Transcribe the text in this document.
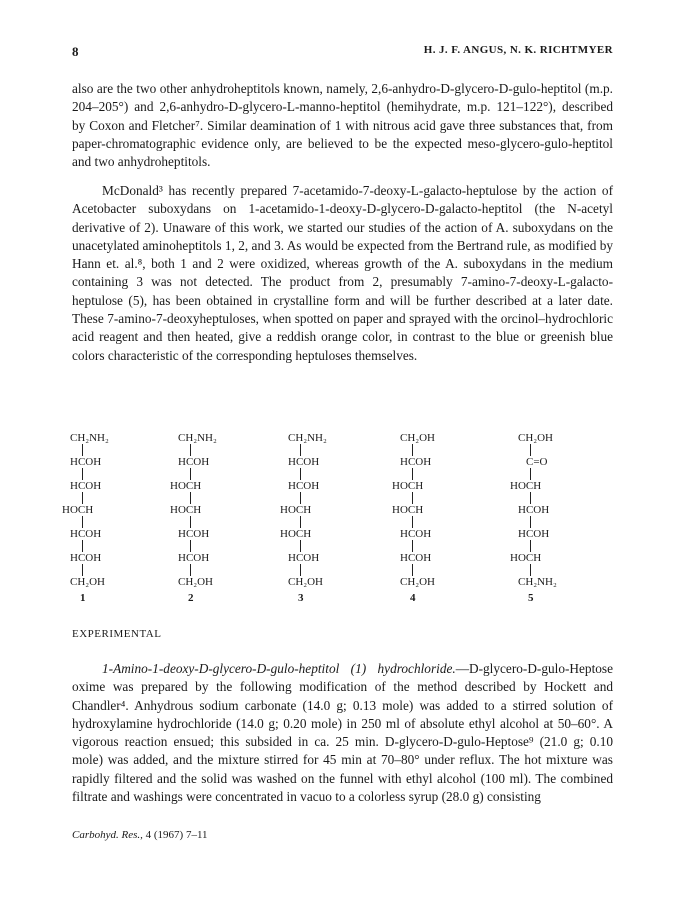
8	H. J. F. ANGUS, N. K. RICHTMYER

also are the two other anhydroheptitols known, namely, 2,6-anhydro-D-glycero-D-gulo-heptitol (m.p. 204–205°) and 2,6-anhydro-D-glycero-L-manno-heptitol (hemihydrate, m.p. 121–122°), described by Coxon and Fletcher⁷. Similar deamination of 1 with nitrous acid gave three substances that, from paper-chromatographic evidence only, are believed to be the expected meso-glycero-gulo-heptitol and two anhydroheptitols.

McDonald³ has recently prepared 7-acetamido-7-deoxy-L-galacto-heptulose by the action of Acetobacter suboxydans on 1-acetamido-1-deoxy-D-glycero-D-galacto-heptitol (the N-acetyl derivative of 2). Unaware of this work, we started our studies of the action of A. suboxydans on the unacetylated aminoheptitols 1, 2, and 3. As would be expected from the Bertrand rule, as modified by Hann et. al.⁸, both 1 and 2 were oxidized, whereas growth of the A. suboxydans in the medium containing 3 was not detected. The product from 2, presumably 7-amino-7-deoxy-L-galacto-heptulose (5), has been obtained in crystalline form and will be further described at a later date. These 7-amino-7-deoxyheptuloses, when spotted on paper and sprayed with the orcinol–hydrochloric acid reagent and then heated, give a reddish orange color, in contrast to the blue or greenish blue colors characteristic of the corresponding heptuloses themselves.

CH₂NH₂
HCOH
HCOH
HOCH
HCOH
HCOH
CH₂OH
1
CH₂NH₂
HCOH
HOCH
HOCH
HCOH
HCOH
CH₂OH
2
CH₂NH₂
HCOH
HCOH
HOCH
HOCH
HCOH
CH₂OH
3
CH₂OH
HCOH
HOCH
HOCH
HCOH
HCOH
CH₂OH
4
CH₂OH
C=O
HOCH
HCOH
HCOH
HOCH
CH₂NH₂
5
EXPERIMENTAL

1-Amino-1-deoxy-D-glycero-D-gulo-heptitol (1) hydrochloride.—D-glycero-D-gulo-Heptose oxime was prepared by the following modification of the method described by Hockett and Chandler⁴. Anhydrous sodium carbonate (14.0 g; 0.13 mole) was added to a stirred solution of hydroxylamine hydrochloride (14.0 g; 0.20 mole) in 250 ml of absolute ethyl alcohol at 50–60°. A vigorous reaction ensued; this subsided in ca. 25 min. D-glycero-D-gulo-Heptose⁹ (21.0 g; 0.10 mole) was added, and the mixture stirred for 45 min at 70–80° under reflux. The hot mixture was rapidly filtered and the solid was washed on the funnel with ethyl alcohol (100 ml). The combined filtrate and washings were concentrated in vacuo to a colorless syrup (28.0 g) consisting

Carbohyd. Res., 4 (1967) 7–11
